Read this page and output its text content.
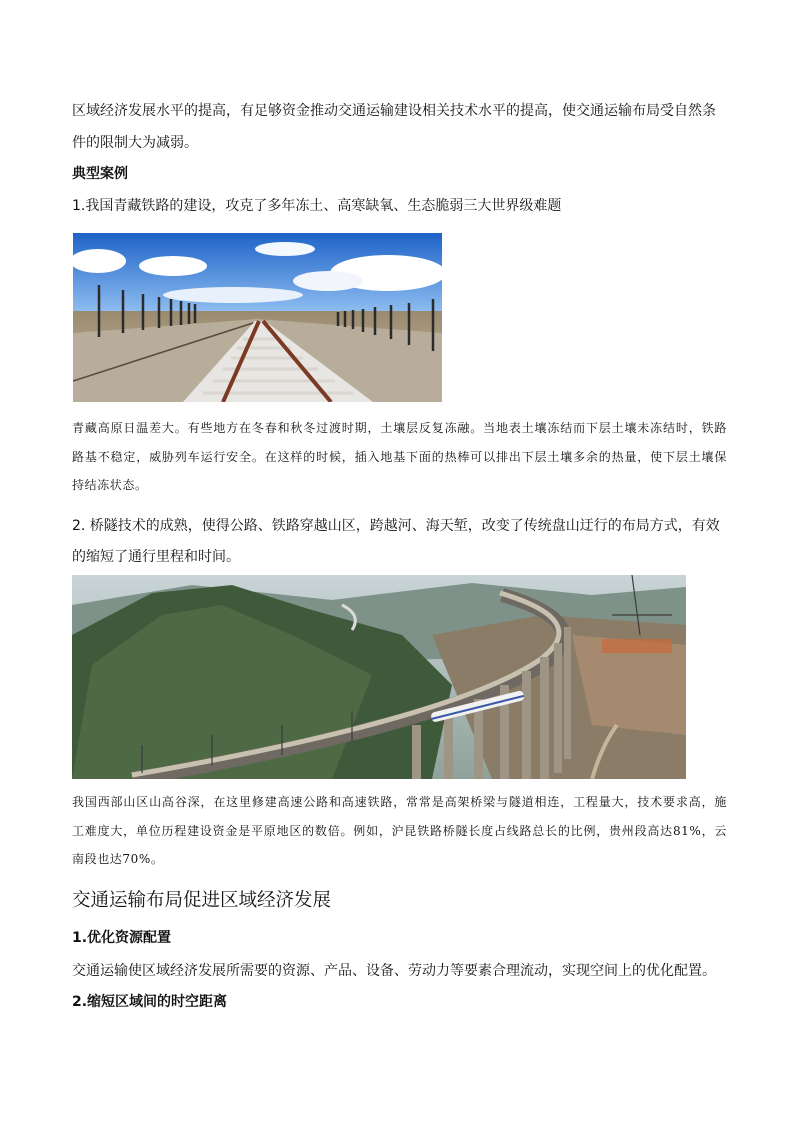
区域经济发展水平的提高，有足够资金推动交通运输建设相关技术水平的提高，使交通运输布局受自然条

件的限制大为减弱。

典型案例

1.我国青藏铁路的建设，攻克了多年冻土、高寒缺氧、生态脆弱三大世界级难题

青藏高原日温差大。有些地方在冬春和秋冬过渡时期，土壤层反复冻融。当地表土壤冻结而下层土壤未冻结时，铁路路基不稳定，威胁列车运行安全。在这样的时候，插入地基下面的热棒可以排出下层土壤多余的热量，使下层土壤保持结冻状态。

2. 桥隧技术的成熟，使得公路、铁路穿越山区，跨越河、海天堑，改变了传统盘山迂行的布局方式，有效

的缩短了通行里程和时间。

我国西部山区山高谷深，在这里修建高速公路和高速铁路，常常是高架桥梁与隧道相连，工程量大，技术要求高，施工难度大，单位历程建设资金是平原地区的数倍。例如，沪昆铁路桥隧长度占线路总长的比例，贵州段高达81%，云南段也达70%。

交通运输布局促进区域经济发展

1.优化资源配置

交通运输使区域经济发展所需要的资源、产品、设备、劳动力等要素合理流动，实现空间上的优化配置。

2.缩短区域间的时空距离
